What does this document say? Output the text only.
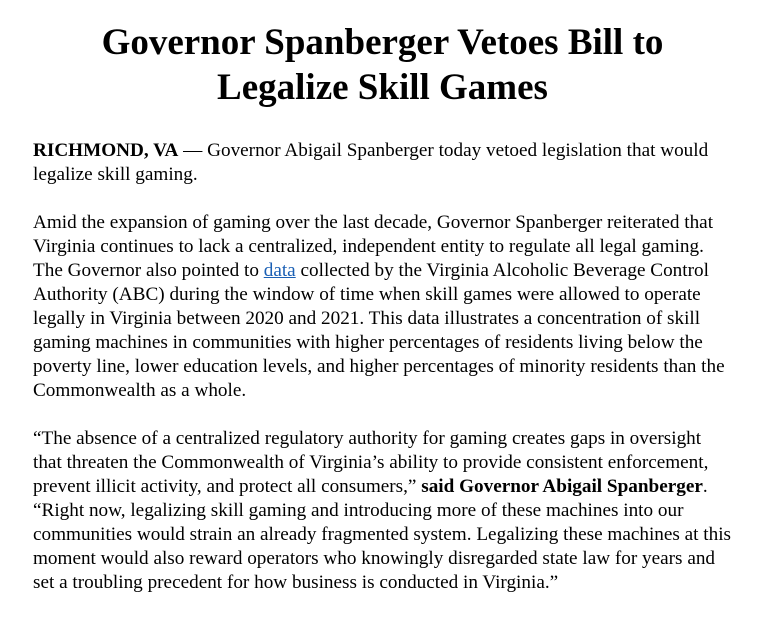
Governor Spanberger Vetoes Bill to
Legalize Skill Games

RICHMOND, VA — Governor Abigail Spanberger today vetoed legislation that would legalize skill gaming.

Amid the expansion of gaming over the last decade, Governor Spanberger reiterated that Virginia continues to lack a centralized, independent entity to regulate all legal gaming. The Governor also pointed to data collected by the Virginia Alcoholic Beverage Control Authority (ABC) during the window of time when skill games were allowed to operate legally in Virginia between 2020 and 2021. This data illustrates a concentration of skill gaming machines in communities with higher percentages of residents living below the poverty line, lower education levels, and higher percentages of minority residents than the Commonwealth as a whole.

“The absence of a centralized regulatory authority for gaming creates gaps in oversight that threaten the Commonwealth of Virginia’s ability to provide consistent enforcement, prevent illicit activity, and protect all consumers,” said Governor Abigail Spanberger. “Right now, legalizing skill gaming and introducing more of these machines into our communities would strain an already fragmented system. Legalizing these machines at this moment would also reward operators who knowingly disregarded state law for years and set a troubling precedent for how business is conducted in Virginia.”
